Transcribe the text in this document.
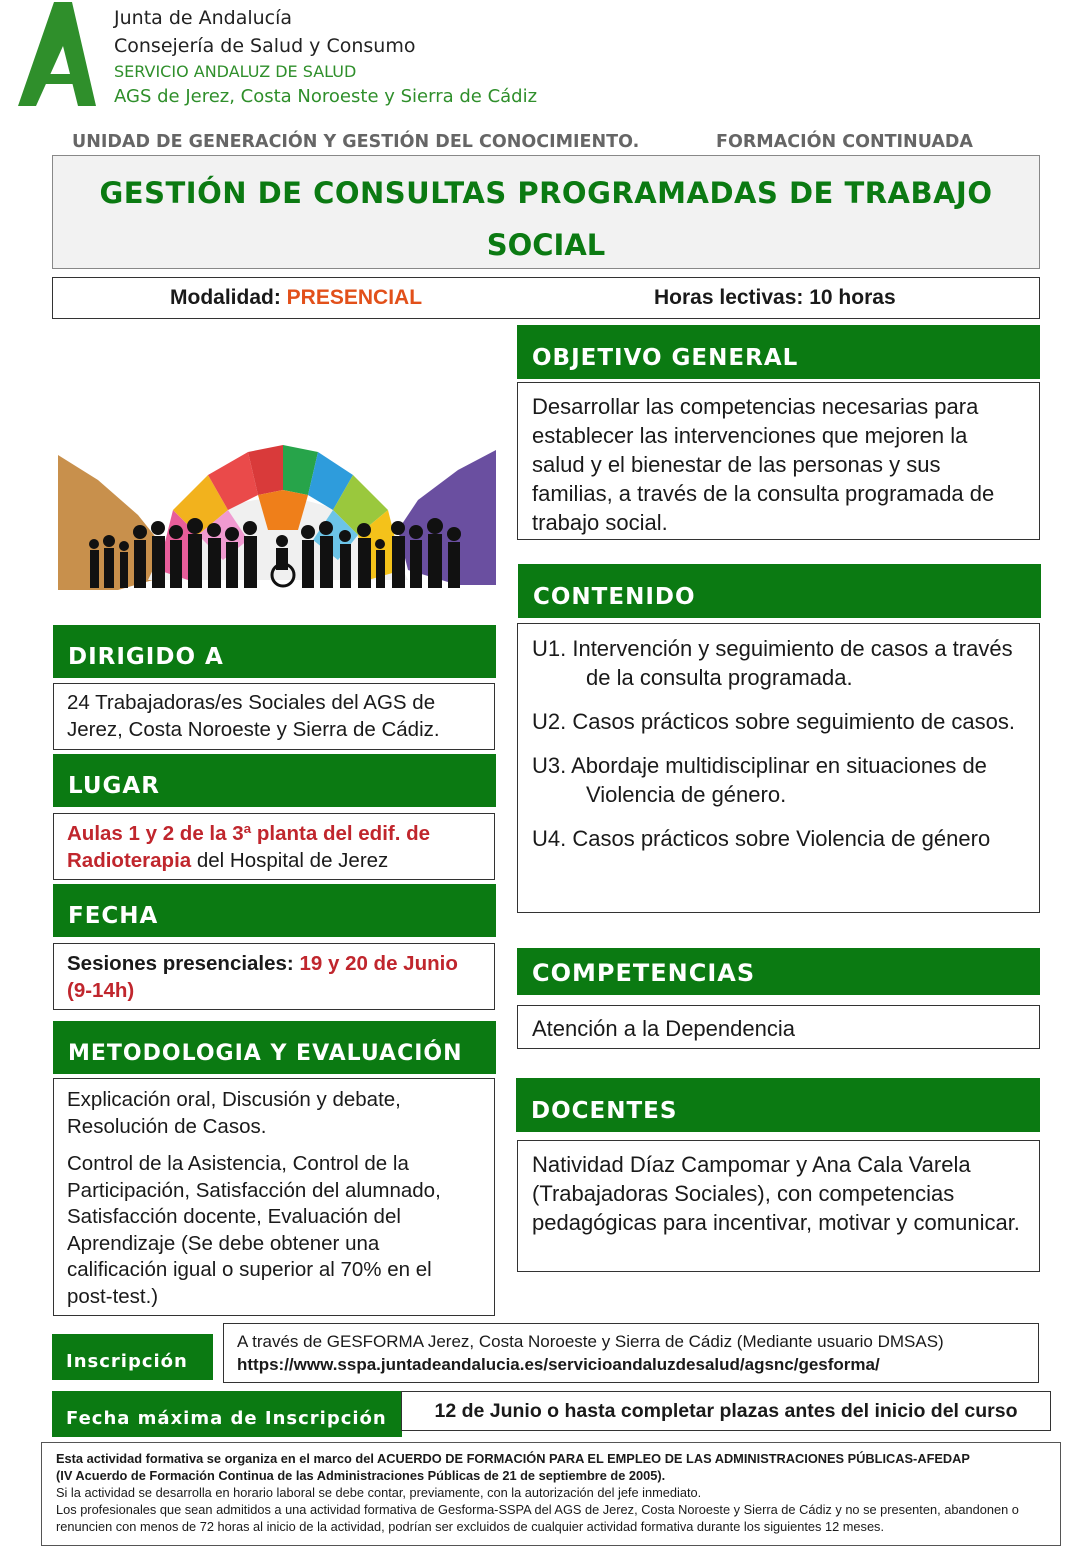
Junta de Andalucía
Consejería de Salud y Consumo
SERVICIO ANDALUZ DE SALUD
AGS de Jerez, Costa Noroeste y Sierra de Cádiz
UNIDAD DE GENERACIÓN Y GESTIÓN DEL CONOCIMIENTO.	FORMACIÓN CONTINUADA
GESTIÓN DE CONSULTAS PROGRAMADAS DE TRABAJO
SOCIAL
Modalidad: PRESENCIAL	Horas lectivas: 10 horas
OBJETIVO GENERAL
Desarrollar las competencias necesarias para establecer las intervenciones que mejoren la salud y el bienestar de las personas y sus familias, a través de la consulta programada de trabajo social.
CONTENIDO
U1. Intervención y seguimiento de casos a través de la consulta programada.
U2. Casos prácticos sobre seguimiento de casos.
U3. Abordaje multidisciplinar en situaciones de Violencia de género.
U4. Casos prácticos sobre Violencia de género
COMPETENCIAS
Atención a la Dependencia
DOCENTES
Natividad Díaz Campomar y Ana Cala Varela (Trabajadoras Sociales), con competencias pedagógicas para incentivar, motivar y comunicar.
DIRIGIDO A
24 Trabajadoras/es Sociales del AGS de Jerez, Costa Noroeste y Sierra de Cádiz.
LUGAR
Aulas 1 y 2 de la 3ª planta del edif. de Radioterapia del Hospital de Jerez
FECHA
Sesiones presenciales: 19 y 20 de Junio (9-14h)
METODOLOGIA Y EVALUACIÓN
Explicación oral, Discusión y debate, Resolución de Casos.
Control de la Asistencia, Control de la Participación, Satisfacción del alumnado, Satisfacción docente, Evaluación del Aprendizaje (Se debe obtener una calificación igual o superior al 70% en el post-test.)
Inscripción
A través de GESFORMA Jerez, Costa Noroeste y Sierra de Cádiz (Mediante usuario DMSAS)
https://www.sspa.juntadeandalucia.es/servicioandaluzdesalud/agsnc/gesforma/
Fecha máxima de Inscripción	12 de Junio o hasta completar plazas antes del inicio del curso
Esta actividad formativa se organiza en el marco del ACUERDO DE FORMACIÓN PARA EL EMPLEO DE LAS ADMINISTRACIONES PÚBLICAS-AFEDAP
(IV Acuerdo de Formación Continua de las Administraciones Públicas de 21 de septiembre de 2005).
Si la actividad se desarrolla en horario laboral se debe contar, previamente, con la autorización del jefe inmediato.
Los profesionales que sean admitidos a una actividad formativa de Gesforma-SSPA del AGS de Jerez, Costa Noroeste y Sierra de Cádiz y no se presenten, abandonen o renuncien con menos de 72 horas al inicio de la actividad, podrían ser excluidos de cualquier actividad formativa durante los siguientes 12 meses.
